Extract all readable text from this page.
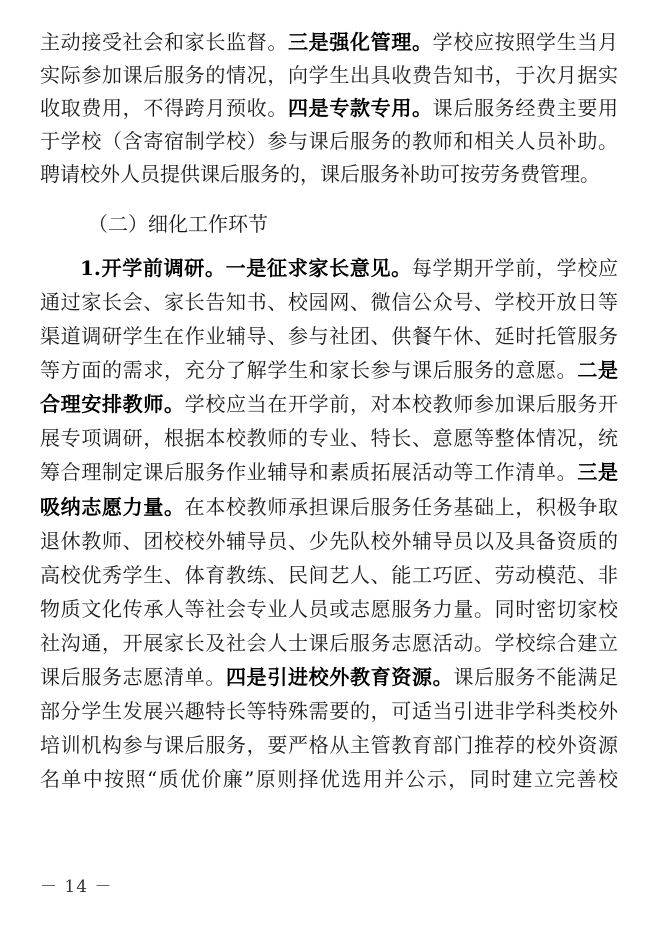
主动接受社会和家长监督。三是强化管理。学校应按照学生当月
实际参加课后服务的情况，向学生出具收费告知书，于次月据实
收取费用，不得跨月预收。四是专款专用。课后服务经费主要用
于学校（含寄宿制学校）参与课后服务的教师和相关人员补助。
聘请校外人员提供课后服务的，课后服务补助可按劳务费管理。
（二）细化工作环节
1.开学前调研。一是征求家长意见。每学期开学前，学校应
通过家长会、家长告知书、校园网、微信公众号、学校开放日等
渠道调研学生在作业辅导、参与社团、供餐午休、延时托管服务
等方面的需求，充分了解学生和家长参与课后服务的意愿。二是
合理安排教师。学校应当在开学前，对本校教师参加课后服务开
展专项调研，根据本校教师的专业、特长、意愿等整体情况，统
筹合理制定课后服务作业辅导和素质拓展活动等工作清单。三是
吸纳志愿力量。在本校教师承担课后服务任务基础上，积极争取
退休教师、团校校外辅导员、少先队校外辅导员以及具备资质的
高校优秀学生、体育教练、民间艺人、能工巧匠、劳动模范、非
物质文化传承人等社会专业人员或志愿服务力量。同时密切家校
社沟通，开展家长及社会人士课后服务志愿活动。学校综合建立
课后服务志愿清单。四是引进校外教育资源。课后服务不能满足
部分学生发展兴趣特长等特殊需要的，可适当引进非学科类校外
培训机构参与课后服务，要严格从主管教育部门推荐的校外资源
名单中按照“质优价廉”原则择优选用并公示，同时建立完善校
－ 14 －
